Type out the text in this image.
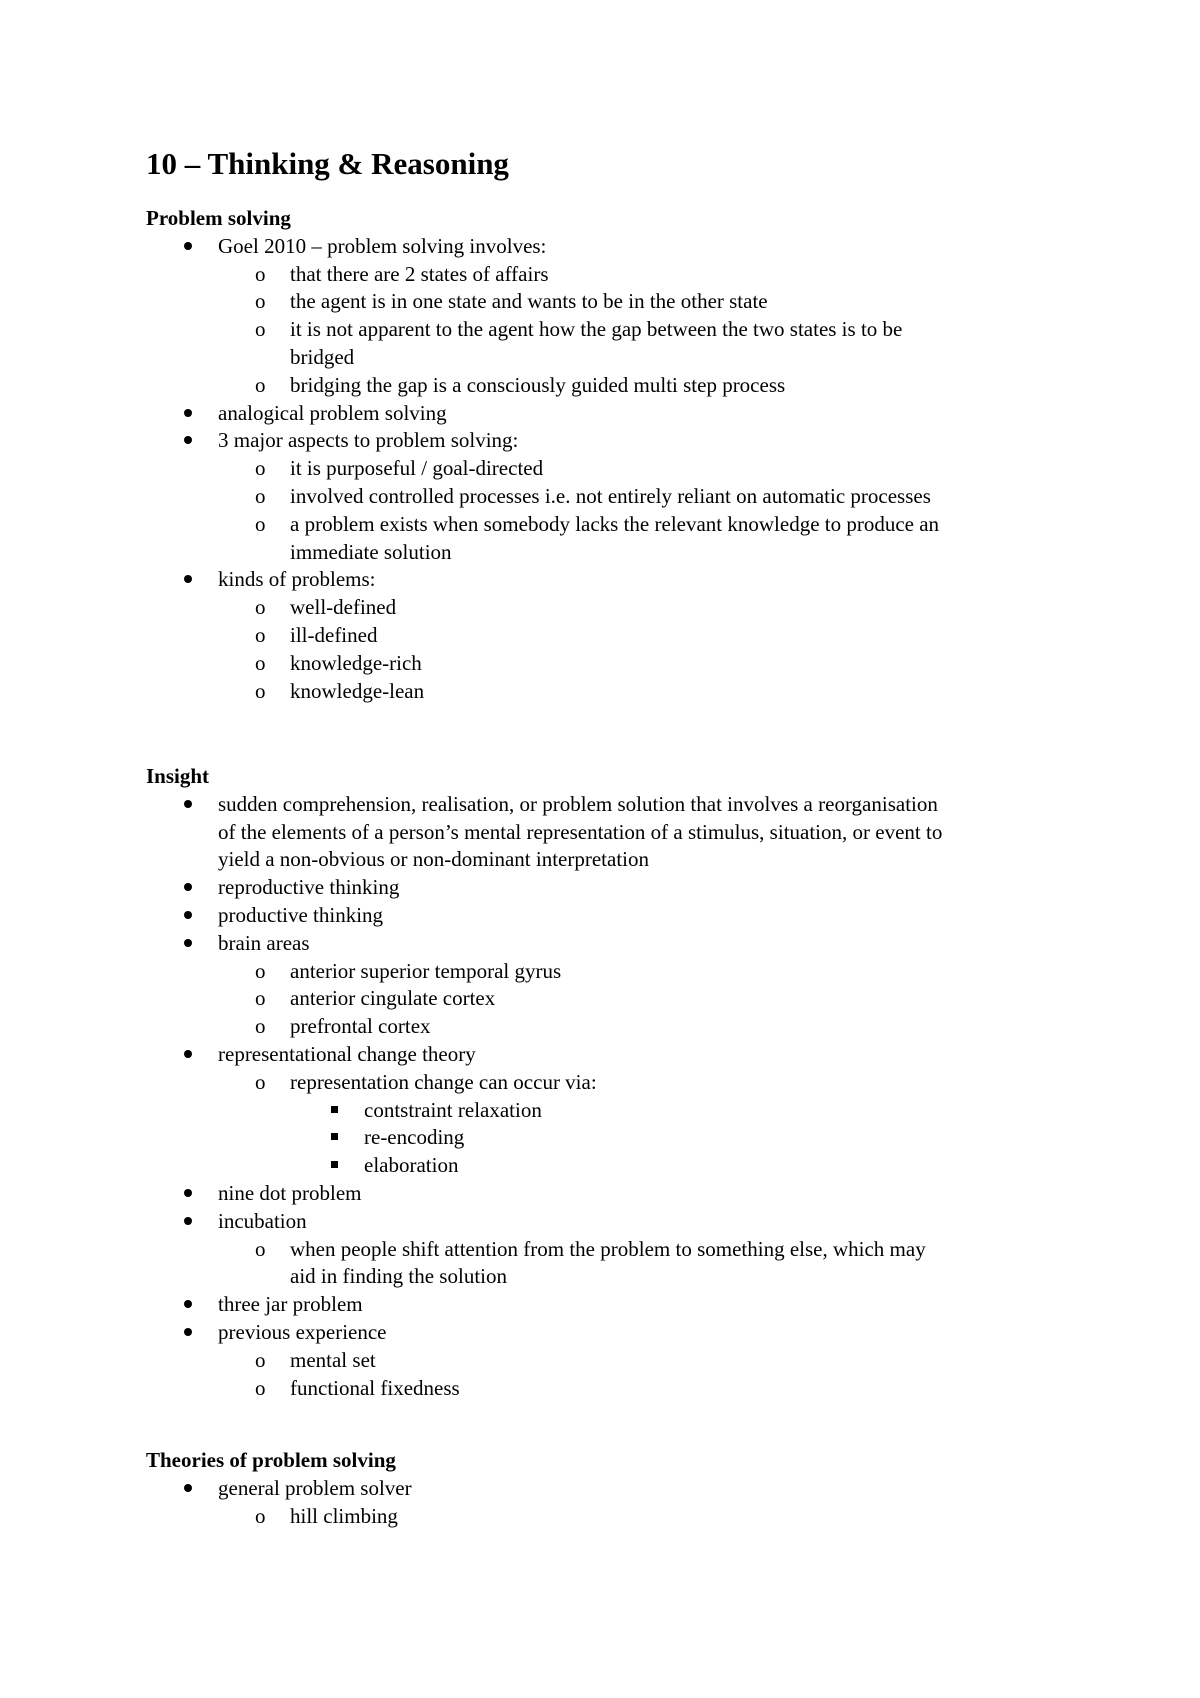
10 – Thinking & Reasoning
Problem solving
Goel 2010 – problem solving involves:
o that there are 2 states of affairs
o the agent is in one state and wants to be in the other state
o it is not apparent to the agent how the gap between the two states is to be
bridged
o bridging the gap is a consciously guided multi step process
analogical problem solving
3 major aspects to problem solving:
o it is purposeful / goal-directed
o involved controlled processes i.e. not entirely reliant on automatic processes
o a problem exists when somebody lacks the relevant knowledge to produce an
immediate solution
kinds of problems:
o well-defined
o ill-defined
o knowledge-rich
o knowledge-lean
Insight
sudden comprehension, realisation, or problem solution that involves a reorganisation
of the elements of a person’s mental representation of a stimulus, situation, or event to
yield a non-obvious or non-dominant interpretation
reproductive thinking
productive thinking
brain areas
o anterior superior temporal gyrus
o anterior cingulate cortex
o prefrontal cortex
representational change theory
o representation change can occur via:
contstraint relaxation
re-encoding
elaboration
nine dot problem
incubation
o when people shift attention from the problem to something else, which may
aid in finding the solution
three jar problem
previous experience
o mental set
o functional fixedness
Theories of problem solving
general problem solver
o hill climbing
